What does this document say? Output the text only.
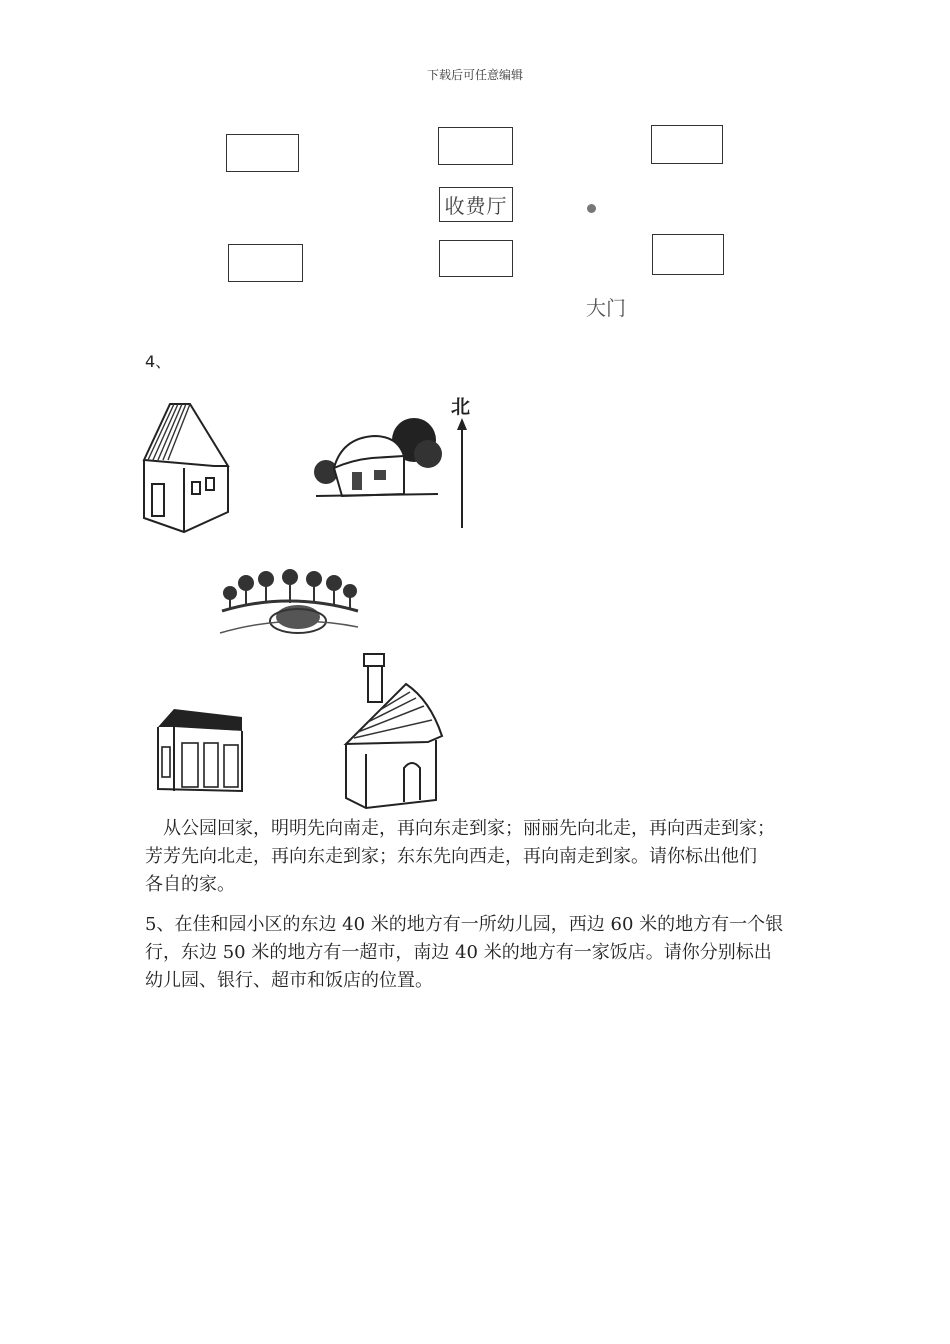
下载后可任意编辑
收费厅
大门
4、
北
从公园回家，明明先向南走，再向东走到家；丽丽先向北走，再向西走到家；
芳芳先向北走，再向东走到家；东东先向西走，再向南走到家。请你标出他们
各自的家。
5、在佳和园小区的东边 40 米的地方有一所幼儿园，西边 60 米的地方有一个银
行，东边 50 米的地方有一超市，南边 40 米的地方有一家饭店。请你分别标出
幼儿园、银行、超市和饭店的位置。
